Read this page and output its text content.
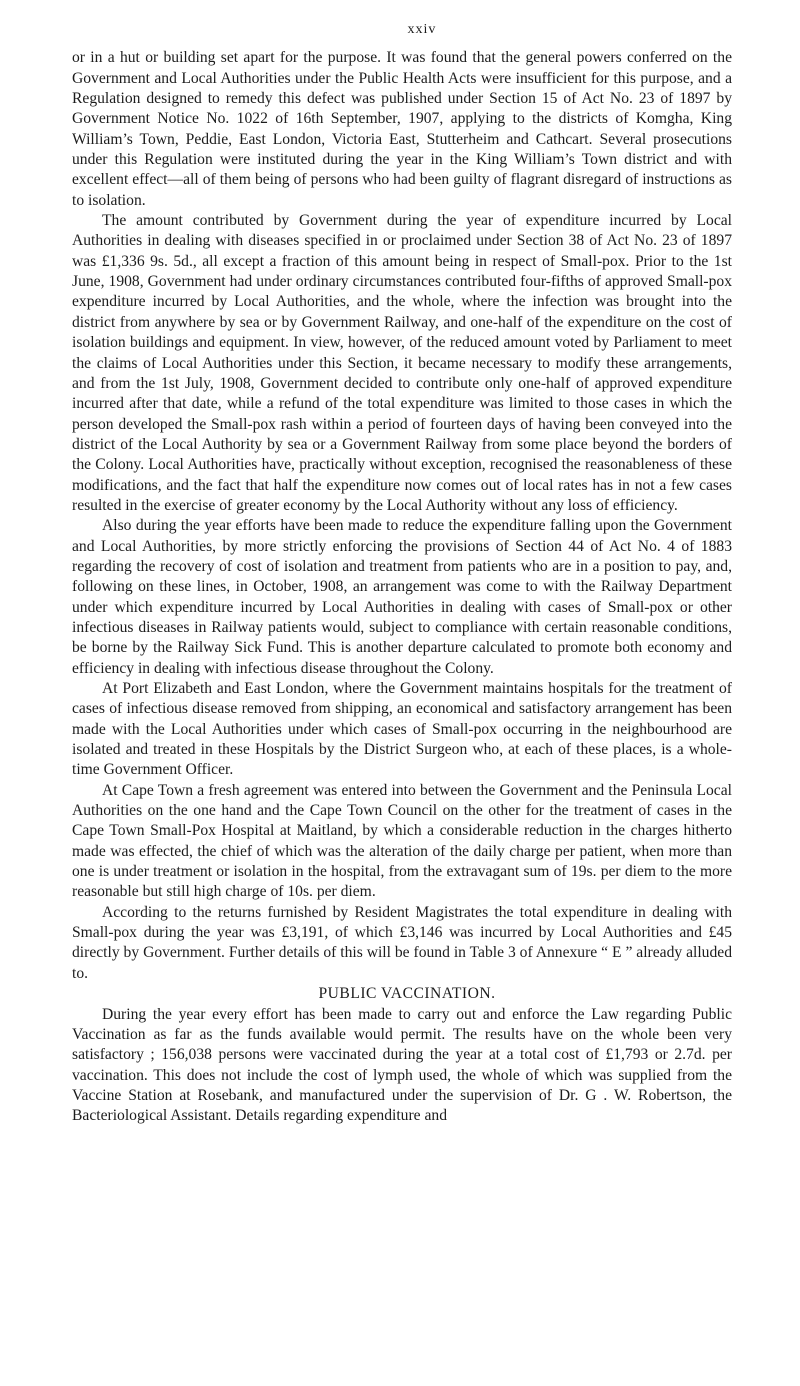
xxiv

or in a hut or building set apart for the purpose. It was found that the general powers conferred on the Government and Local Authorities under the Public Health Acts were insufficient for this purpose, and a Regulation designed to remedy this defect was published under Section 15 of Act No. 23 of 1897 by Government Notice No. 1022 of 16th September, 1907, applying to the districts of Komgha, King William’s Town, Peddie, East London, Victoria East, Stutterheim and Cathcart. Several prosecutions under this Regulation were instituted during the year in the King William’s Town district and with excellent effect—all of them being of persons who had been guilty of flagrant disregard of instructions as to isolation.

The amount contributed by Government during the year of expenditure incurred by Local Authorities in dealing with diseases specified in or proclaimed under Section 38 of Act No. 23 of 1897 was £1,336 9s. 5d., all except a fraction of this amount being in respect of Small-pox. Prior to the 1st June, 1908, Government had under ordinary circumstances contributed four-fifths of approved Small-pox expenditure incurred by Local Authorities, and the whole, where the infection was brought into the district from anywhere by sea or by Government Railway, and one-half of the expenditure on the cost of isolation buildings and equipment. In view, however, of the reduced amount voted by Parliament to meet the claims of Local Authorities under this Section, it became necessary to modify these arrangements, and from the 1st July, 1908, Government decided to contribute only one-half of approved expenditure incurred after that date, while a refund of the total expenditure was limited to those cases in which the person developed the Small-pox rash within a period of fourteen days of having been conveyed into the district of the Local Authority by sea or a Government Railway from some place beyond the borders of the Colony. Local Authorities have, practically without exception, recognised the reasonableness of these modifications, and the fact that half the expenditure now comes out of local rates has in not a few cases resulted in the exercise of greater economy by the Local Authority without any loss of efficiency.

Also during the year efforts have been made to reduce the expenditure falling upon the Government and Local Authorities, by more strictly enforcing the provisions of Section 44 of Act No. 4 of 1883 regarding the recovery of cost of isolation and treatment from patients who are in a position to pay, and, following on these lines, in October, 1908, an arrangement was come to with the Railway Department under which expenditure incurred by Local Authorities in dealing with cases of Small-pox or other infectious diseases in Railway patients would, subject to compliance with certain reasonable conditions, be borne by the Railway Sick Fund. This is another departure calculated to promote both economy and efficiency in dealing with infectious disease throughout the Colony.

At Port Elizabeth and East London, where the Government maintains hospitals for the treatment of cases of infectious disease removed from shipping, an economical and satisfactory arrangement has been made with the Local Authorities under which cases of Small-pox occurring in the neighbourhood are isolated and treated in these Hospitals by the District Surgeon who, at each of these places, is a whole-time Government Officer.

At Cape Town a fresh agreement was entered into between the Government and the Peninsula Local Authorities on the one hand and the Cape Town Council on the other for the treatment of cases in the Cape Town Small-Pox Hospital at Maitland, by which a considerable reduction in the charges hitherto made was effected, the chief of which was the alteration of the daily charge per patient, when more than one is under treatment or isolation in the hospital, from the extravagant sum of 19s. per diem to the more reasonable but still high charge of 10s. per diem.

According to the returns furnished by Resident Magistrates the total expenditure in dealing with Small-pox during the year was £3,191, of which £3,146 was incurred by Local Authorities and £45 directly by Government. Further details of this will be found in Table 3 of Annexure “ E ” already alluded to.

PUBLIC VACCINATION.

During the year every effort has been made to carry out and enforce the Law regarding Public Vaccination as far as the funds available would permit. The results have on the whole been very satisfactory ; 156,038 persons were vaccinated during the year at a total cost of £1,793 or 2.7d. per vaccination. This does not include the cost of lymph used, the whole of which was supplied from the Vaccine Station at Rosebank, and manufactured under the supervision of Dr. G . W. Robertson, the Bacteriological Assistant. Details regarding expenditure and
